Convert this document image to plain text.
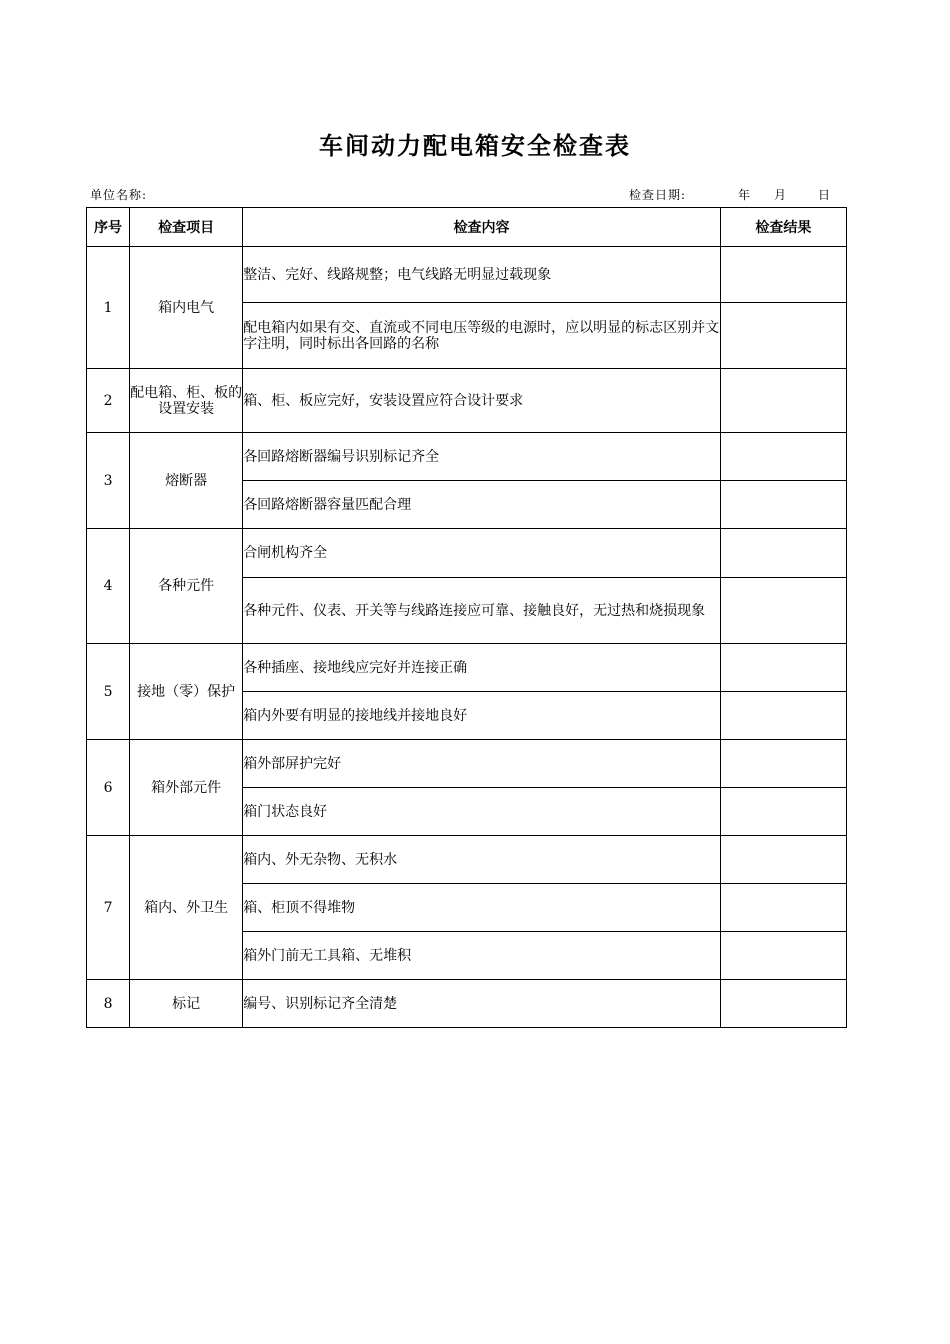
车间动力配电箱安全检查表
单位名称:	检查日期:	年 月	日
序号	检查项目	检查内容	检查结果
1	箱内电气	整洁、完好、线路规整；电气线路无明显过载现象	
		配电箱内如果有交、直流或不同电压等级的电源时，应以明显的标志区别并文字注明，同时标出各回路的名称	
2	配电箱、柜、板的设置安装	箱、柜、板应完好，安装设置应符合设计要求	
3	熔断器	各回路熔断器编号识别标记齐全	
		各回路熔断器容量匹配合理	
4	各种元件	合闸机构齐全	
		各种元件、仪表、开关等与线路连接应可靠、接触良好，无过热和烧损现象	
5	接地（零）保护	各种插座、接地线应完好并连接正确	
		箱内外要有明显的接地线并接地良好	
6	箱外部元件	箱外部屏护完好	
		箱门状态良好	
7	箱内、外卫生	箱内、外无杂物、无积水	
		箱、柜顶不得堆物	
		箱外门前无工具箱、无堆积	
8	标记	编号、识别标记齐全清楚	
